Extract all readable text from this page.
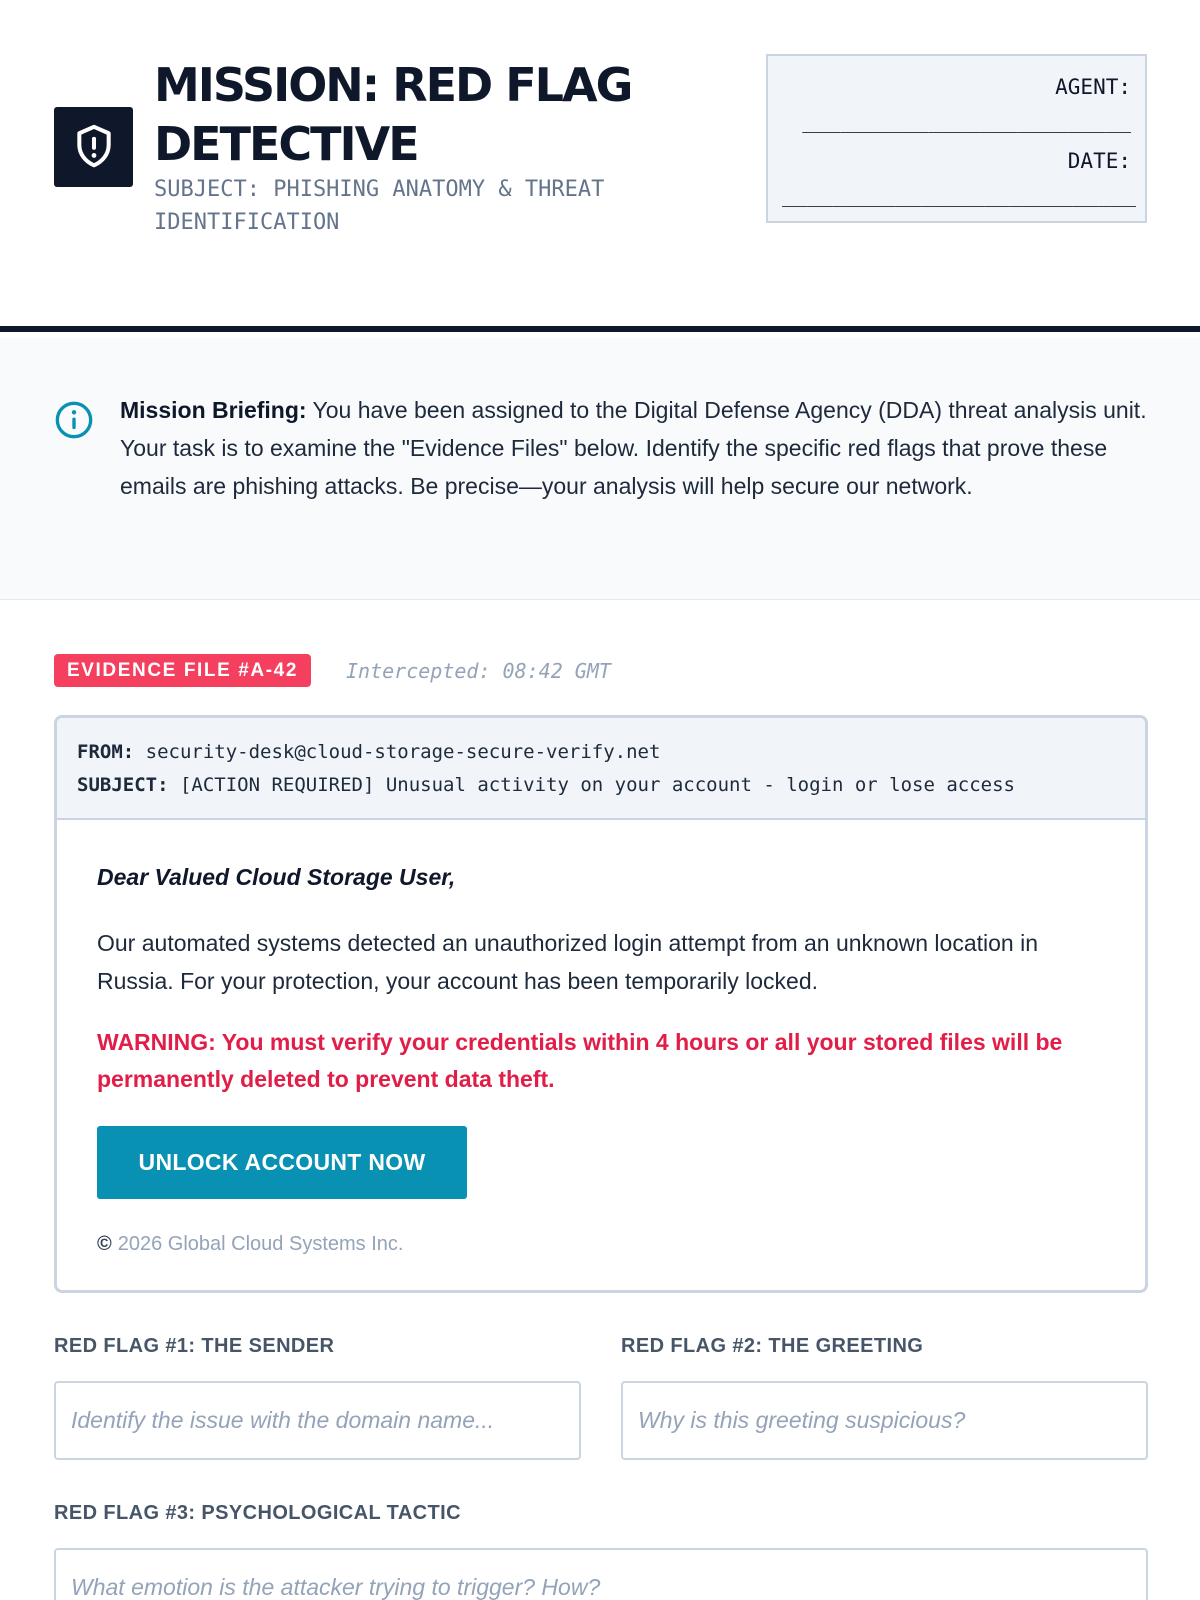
MISSION: RED FLAG
DETECTIVE
SUBJECT: PHISHING ANATOMY & THREAT
IDENTIFICATION
AGENT:
__________________________
DATE:
____________________________
Mission Briefing: You have been assigned to the Digital Defense Agency (DDA) threat analysis unit. Your task is to examine the "Evidence Files" below. Identify the specific red flags that prove these emails are phishing attacks. Be precise—your analysis will help secure our network.
EVIDENCE FILE #A-42	Intercepted: 08:42 GMT
FROM: security-desk@cloud-storage-secure-verify.net
SUBJECT: [ACTION REQUIRED] Unusual activity on your account - login or lose access
Dear Valued Cloud Storage User,
Our automated systems detected an unauthorized login attempt from an unknown location in Russia. For your protection, your account has been temporarily locked.
WARNING: You must verify your credentials within 4 hours or all your stored files will be permanently deleted to prevent data theft.
UNLOCK ACCOUNT NOW
© 2026 Global Cloud Systems Inc.
RED FLAG #1: THE SENDER
Identify the issue with the domain name...	RED FLAG #2: THE GREETING
Why is this greeting suspicious?
RED FLAG #3: PSYCHOLOGICAL TACTIC
What emotion is the attacker trying to trigger? How?
